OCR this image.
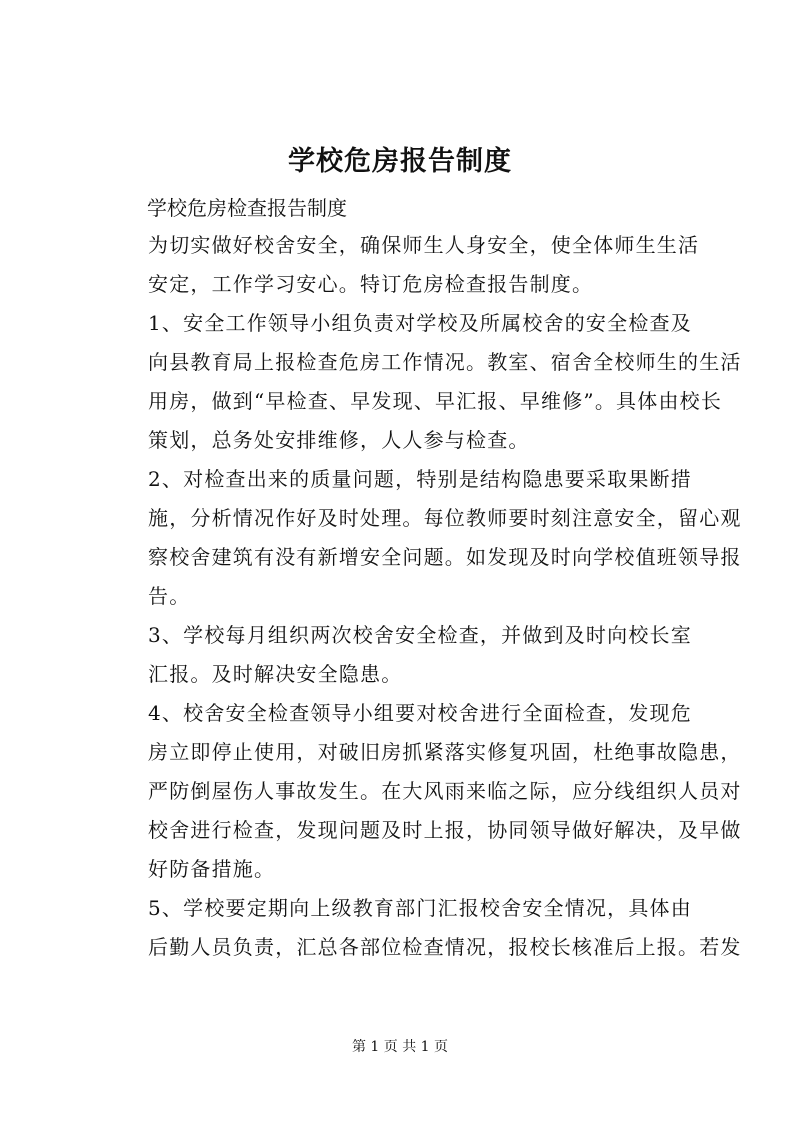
学校危房报告制度

学校危房检查报告制度

为切实做好校舍安全，确保师生人身安全，使全体师生生活
安定，工作学习安心。特订危房检查报告制度。

1、安全工作领导小组负责对学校及所属校舍的安全检查及
向县教育局上报检查危房工作情况。教室、宿舍全校师生的生活
用房，做到“早检查、早发现、早汇报、早维修”。具体由校长
策划，总务处安排维修，人人参与检查。

2、对检查出来的质量问题，特别是结构隐患要采取果断措
施，分析情况作好及时处理。每位教师要时刻注意安全，留心观
察校舍建筑有没有新增安全问题。如发现及时向学校值班领导报
告。

3、学校每月组织两次校舍安全检查，并做到及时向校长室
汇报。及时解决安全隐患。

4、校舍安全检查领导小组要对校舍进行全面检查，发现危
房立即停止使用，对破旧房抓紧落实修复巩固，杜绝事故隐患，
严防倒屋伤人事故发生。在大风雨来临之际，应分线组织人员对
校舍进行检查，发现问题及时上报，协同领导做好解决，及早做
好防备措施。

5、学校要定期向上级教育部门汇报校舍安全情况，具体由
后勤人员负责，汇总各部位检查情况，报校长核准后上报。若发

第 1 页 共 1 页
